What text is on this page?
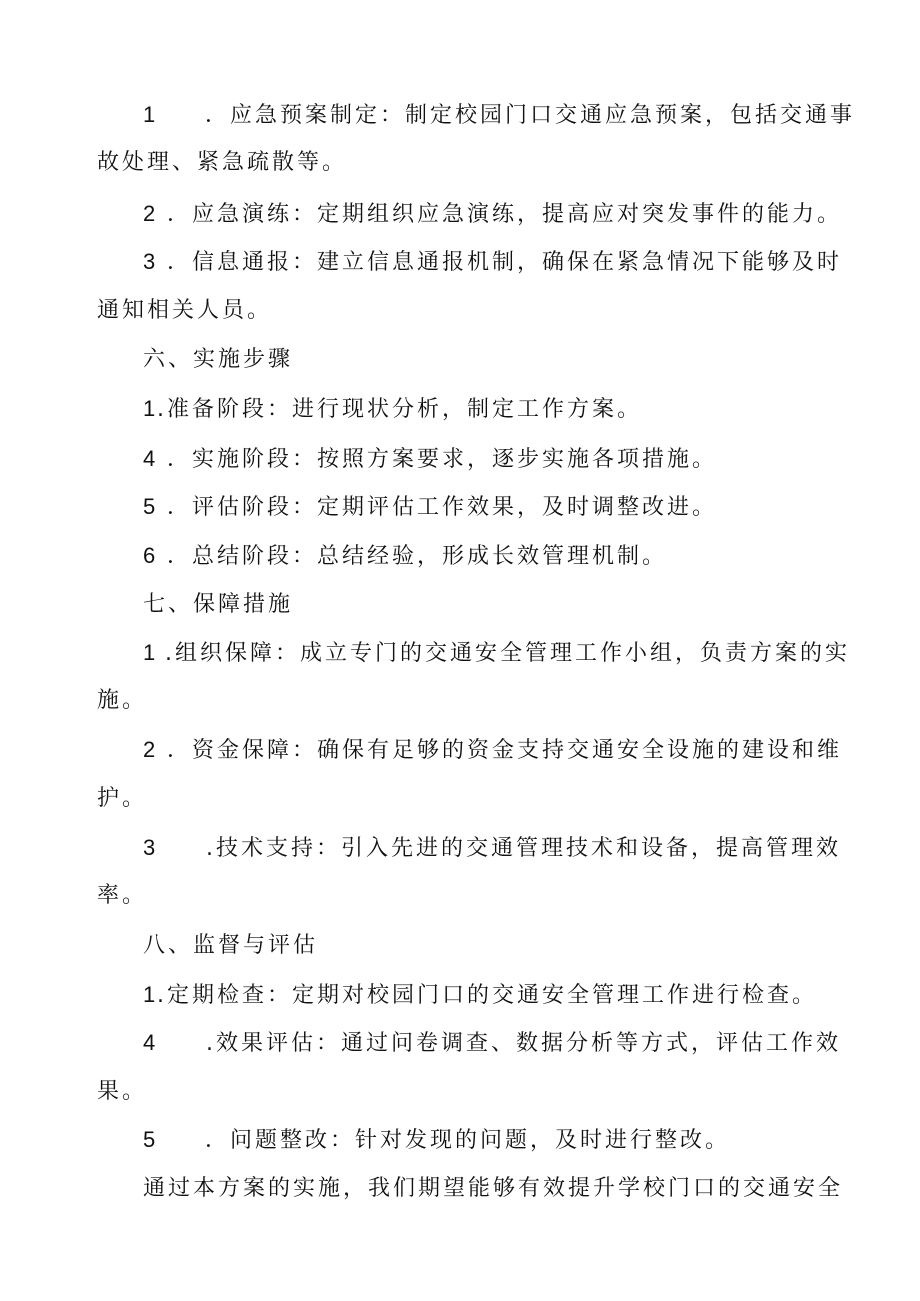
1 ．应急预案制定：制定校园门口交通应急预案，包括交通事
故处理、紧急疏散等。
2 ．应急演练：定期组织应急演练，提高应对突发事件的能力。
3 ．信息通报：建立信息通报机制，确保在紧急情况下能够及时
通知相关人员。
六、实施步骤
1.准备阶段：进行现状分析，制定工作方案。
4 ．实施阶段：按照方案要求，逐步实施各项措施。
5 ．评估阶段：定期评估工作效果，及时调整改进。
6 ．总结阶段：总结经验，形成长效管理机制。
七、保障措施
1 .组织保障：成立专门的交通安全管理工作小组，负责方案的实
施。
2 ．资金保障：确保有足够的资金支持交通安全设施的建设和维
护。
3 .技术支持：引入先进的交通管理技术和设备，提高管理效
率。
八、监督与评估
1.定期检查：定期对校园门口的交通安全管理工作进行检查。
4 .效果评估：通过问卷调查、数据分析等方式，评估工作效
果。
5 ．问题整改：针对发现的问题，及时进行整改。
通过本方案的实施，我们期望能够有效提升学校门口的交通安全
